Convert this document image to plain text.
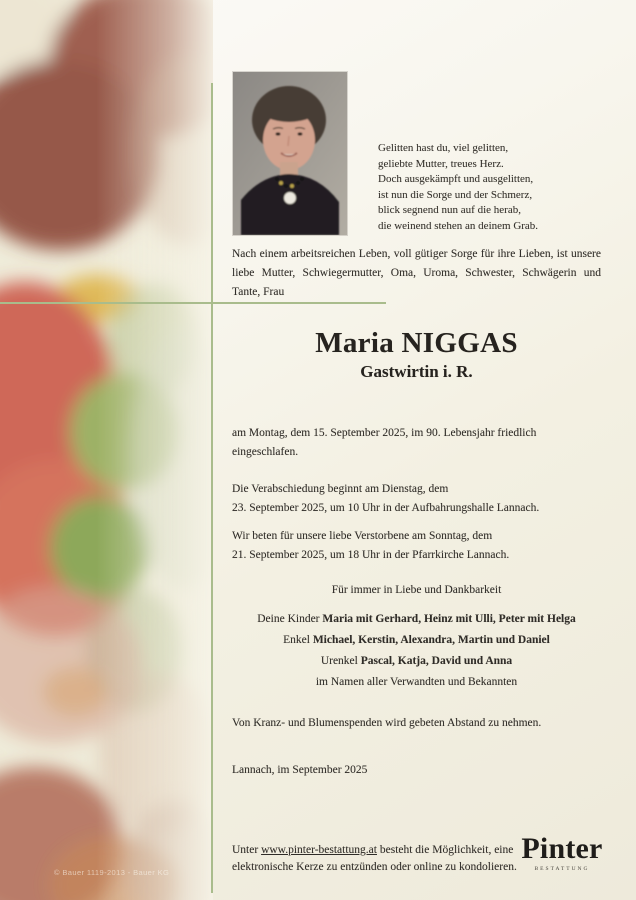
Gelitten hast du, viel gelitten,
geliebte Mutter, treues Herz.
Doch ausgekämpft und ausgelitten,
ist nun die Sorge und der Schmerz,
blick segnend nun auf die herab,
die weinend stehen an deinem Grab.
Nach einem arbeitsreichen Leben, voll gütiger Sorge für ihre Lieben, ist unsere liebe Mutter, Schwiegermutter, Oma, Uroma, Schwester, Schwägerin und Tante, Frau
Maria NIGGAS
Gastwirtin i. R.
am Montag, dem 15. September 2025, im 90. Lebensjahr friedlich
eingeschlafen.
Die Verabschiedung beginnt am Dienstag, dem
23. September 2025, um 10 Uhr in der Aufbahrungshalle Lannach.
Wir beten für unsere liebe Verstorbene am Sonntag, dem
21. September 2025, um 18 Uhr in der Pfarrkirche Lannach.
Für immer in Liebe und Dankbarkeit
Deine Kinder Maria mit Gerhard, Heinz mit Ulli, Peter mit Helga
Enkel Michael, Kerstin, Alexandra, Martin und Daniel
Urenkel Pascal, Katja, David und Anna
im Namen aller Verwandten und Bekannten
Von Kranz- und Blumenspenden wird gebeten Abstand zu nehmen.
Lannach, im September 2025
Unter www.pinter-bestattung.at besteht die Möglichkeit, eine
elektronische Kerze zu entzünden oder online zu kondolieren.
Pinter
BESTATTUNG
© Bauer 1119-2013 - Bauer KG
